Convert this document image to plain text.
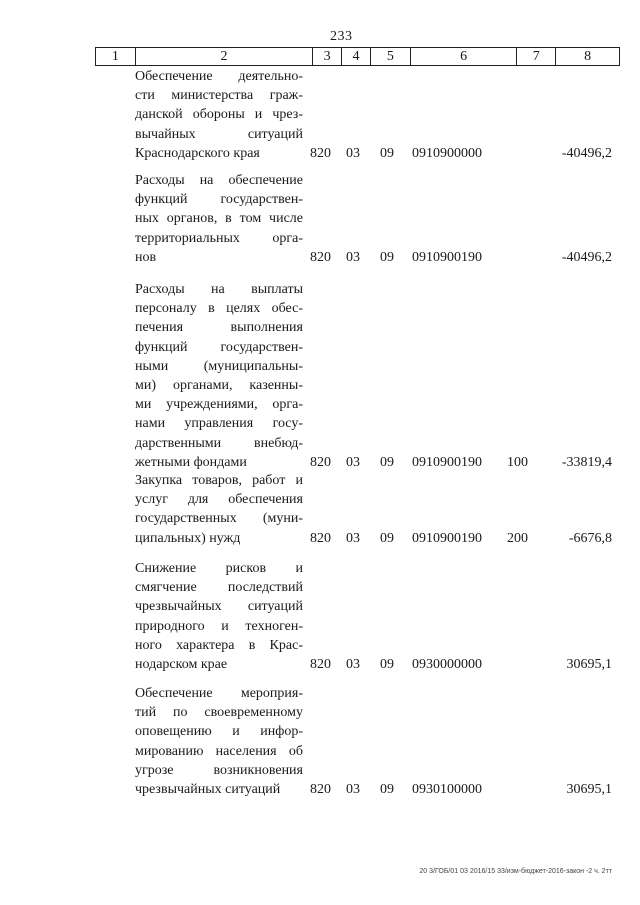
233
1	2	3	4	5	6	7	8
Обеспечение деятельно-
сти министерства граж-
данской обороны и чрез-
вычайных ситуаций
Краснодарского края	820 03 09 0910900000	-40496,2
Расходы на обеспечение
функций государствен-
ных органов, в том числе
территориальных орга-
нов	820 03 09 0910900190	-40496,2
Расходы на выплаты
персоналу в целях обес-
печения выполнения
функций государствен-
ными (муниципальны-
ми) органами, казенны-
ми учреждениями, орга-
нами управления госу-
дарственными внебюд-
жетными фондами	820 03 09 0910900190 100 -33819,4
Закупка товаров, работ и
услуг для обеспечения
государственных (муни-
ципальных) нужд	820 03 09 0910900190 200	-6676,8
Снижение рисков и
смягчение последствий
чрезвычайных ситуаций
природного и техноген-
ного характера в Крас-
нодарском крае	820 03 09 0930000000	30695,1
Обеспечение мероприя-
тий по своевременному
оповещению и инфор-
мированию населения об
угрозе возникновения
чрезвычайных ситуаций	820 03 09 0930100000	30695,1
20 3/ГОБ/01 03 2016/15 33/изм-бюджет-2016-закон -2 ч. 2тт
